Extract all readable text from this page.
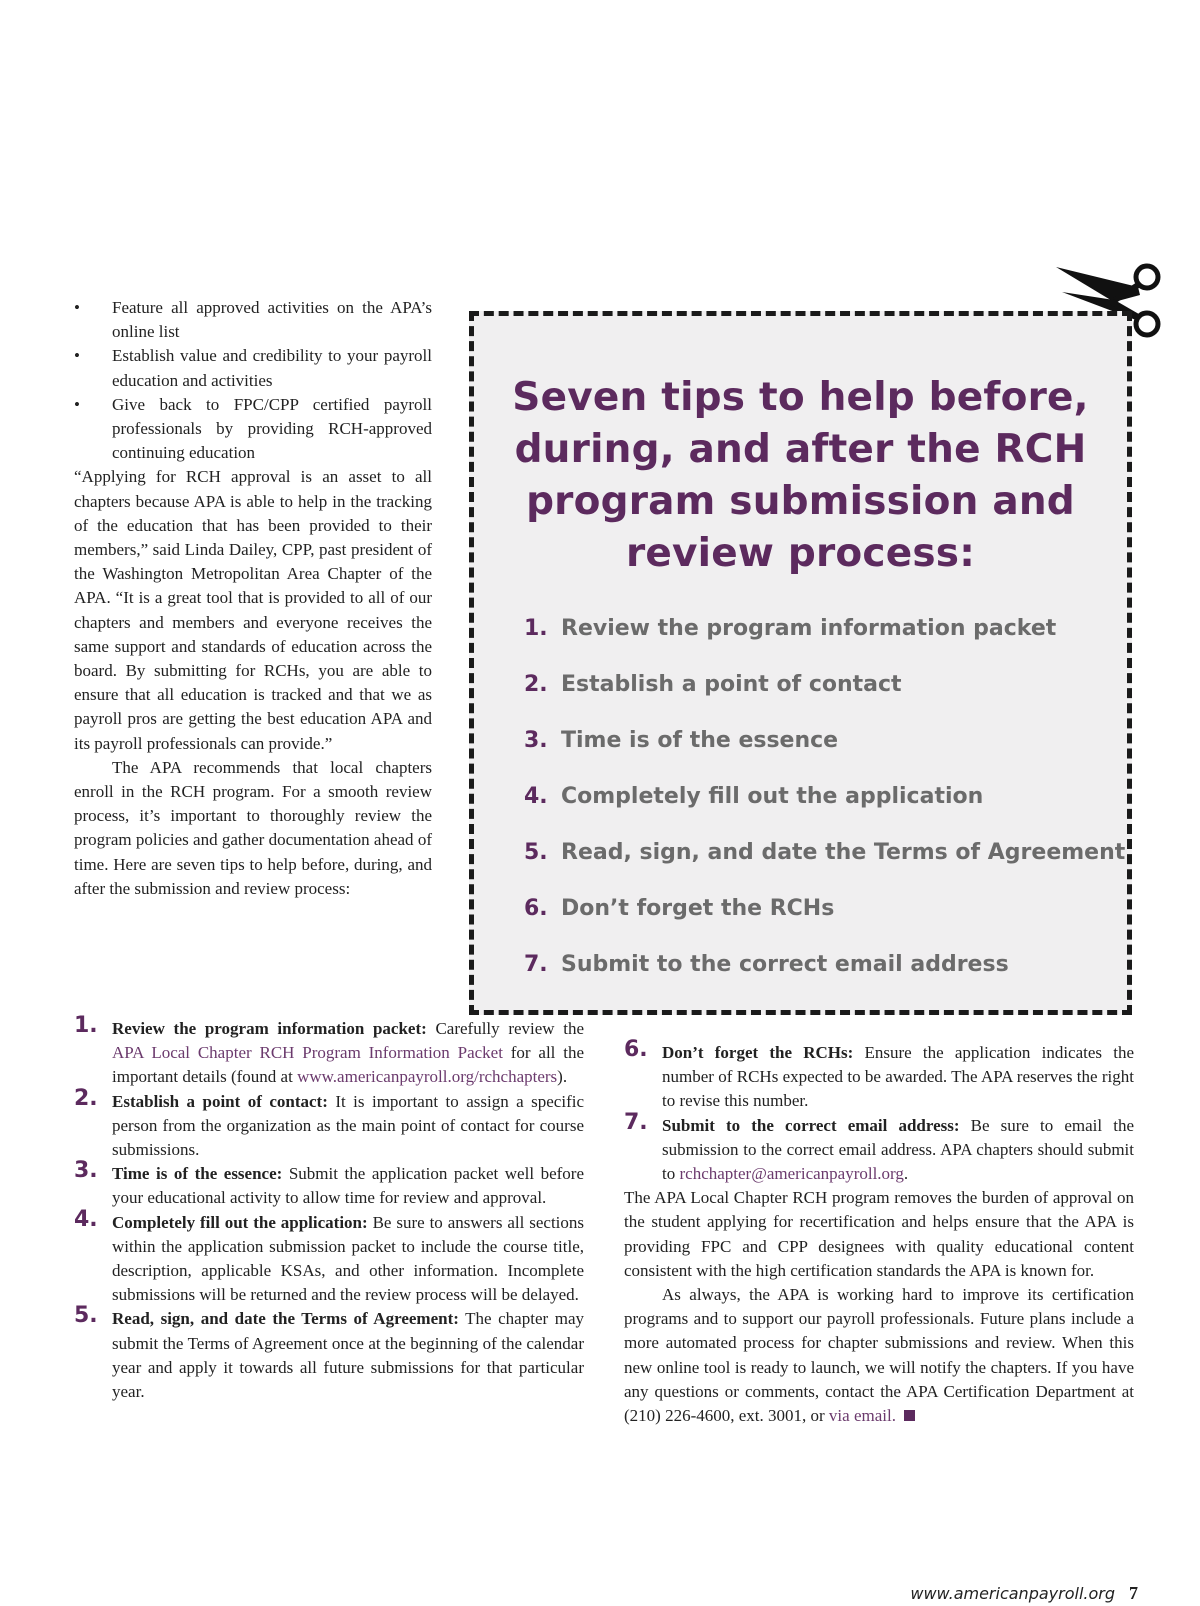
• Feature all approved activities on the APA’s online list
• Establish value and credibility to your payroll education and activities
• Give back to FPC/CPP certified payroll professionals by providing RCH-approved continuing education

“Applying for RCH approval is an asset to all chapters because APA is able to help in the tracking of the education that has been provided to their members,” said Linda Dailey, CPP, past president of the Washington Metropolitan Area Chapter of the APA. “It is a great tool that is provided to all of our chapters and members and everyone receives the same support and standards of education across the board. By submitting for RCHs, you are able to ensure that all education is tracked and that we as payroll pros are getting the best education APA and its payroll professionals can provide.”

The APA recommends that local chapters enroll in the RCH program. For a smooth review process, it’s important to thoroughly review the program policies and gather documentation ahead of time. Here are seven tips to help before, during, and after the submission and review process:

Seven tips to help before, during, and after the RCH program submission and review process:
1. Review the program information packet
2. Establish a point of contact
3. Time is of the essence
4. Completely fill out the application
5. Read, sign, and date the Terms of Agreement
6. Don’t forget the RCHs
7. Submit to the correct email address
1. Review the program information packet: Carefully review the APA Local Chapter RCH Program Information Packet for all the important details (found at www.americanpayroll.org/rchchapters).
2. Establish a point of contact: It is important to assign a specific person from the organization as the main point of contact for course submissions.
3. Time is of the essence: Submit the application packet well before your educational activity to allow time for review and approval.
4. Completely fill out the application: Be sure to answers all sections within the application submission packet to include the course title, description, applicable KSAs, and other information. Incomplete submissions will be returned and the review process will be delayed.
5. Read, sign, and date the Terms of Agreement: The chapter may submit the Terms of Agreement once at the beginning of the calendar year and apply it towards all future submissions for that particular year.
6. Don’t forget the RCHs: Ensure the application indicates the number of RCHs expected to be awarded. The APA reserves the right to revise this number.
7. Submit to the correct email address: Be sure to email the submission to the correct email address. APA chapters should submit to rchchapter@americanpayroll.org.

The APA Local Chapter RCH program removes the burden of approval on the student applying for recertification and helps ensure that the APA is providing FPC and CPP designees with quality educational content consistent with the high certification standards the APA is known for.

As always, the APA is working hard to improve its certification programs and to support our payroll professionals. Future plans include a more automated process for chapter submissions and review. When this new online tool is ready to launch, we will notify the chapters. If you have any questions or comments, contact the APA Certification Department at (210) 226-4600, ext. 3001, or via email.

www.americanpayroll.org 7
